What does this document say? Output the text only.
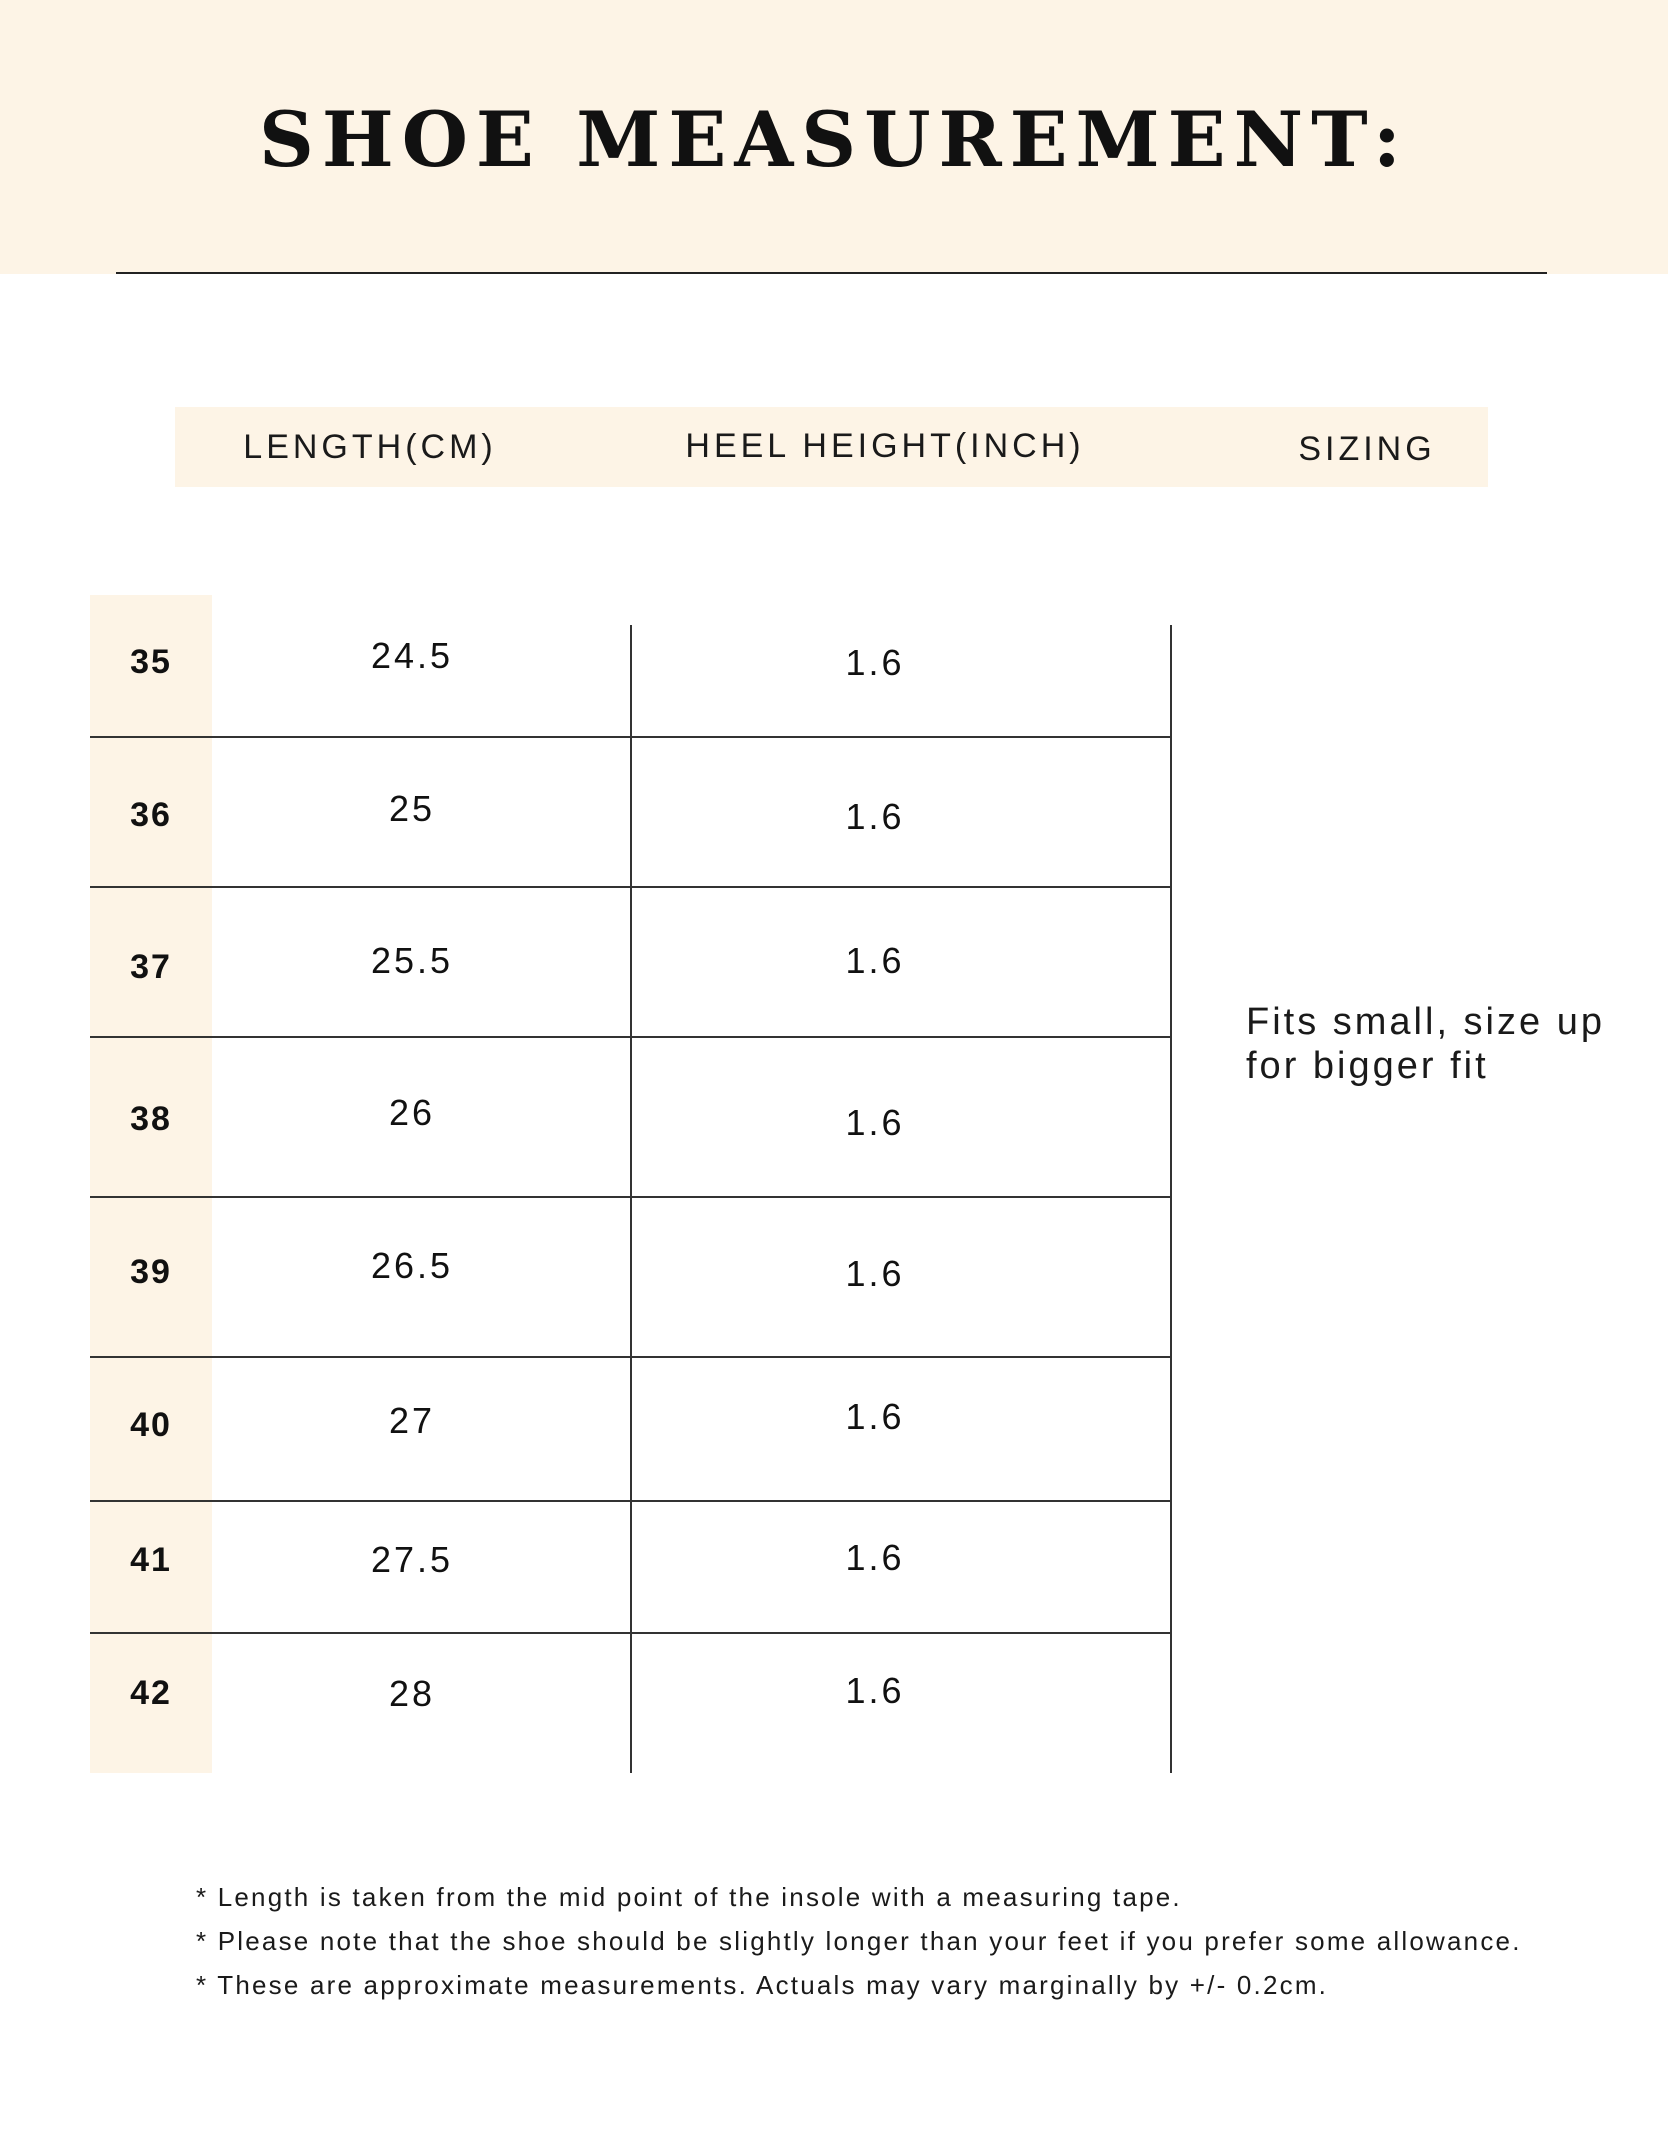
SHOE MEASUREMENT:
LENGTH(CM)	HEEL HEIGHT(INCH)	SIZING
35	24.5	1.6
36	25	1.6
37	25.5	1.6
38	26	1.6
39	26.5	1.6
40	27	1.6
41	27.5	1.6
42	28	1.6
Fits small, size up
for bigger fit
* Length is taken from the mid point of the insole with a measuring tape.
* Please note that the shoe should be slightly longer than your feet if you prefer some allowance.
* These are approximate measurements. Actuals may vary marginally by +/- 0.2cm.
